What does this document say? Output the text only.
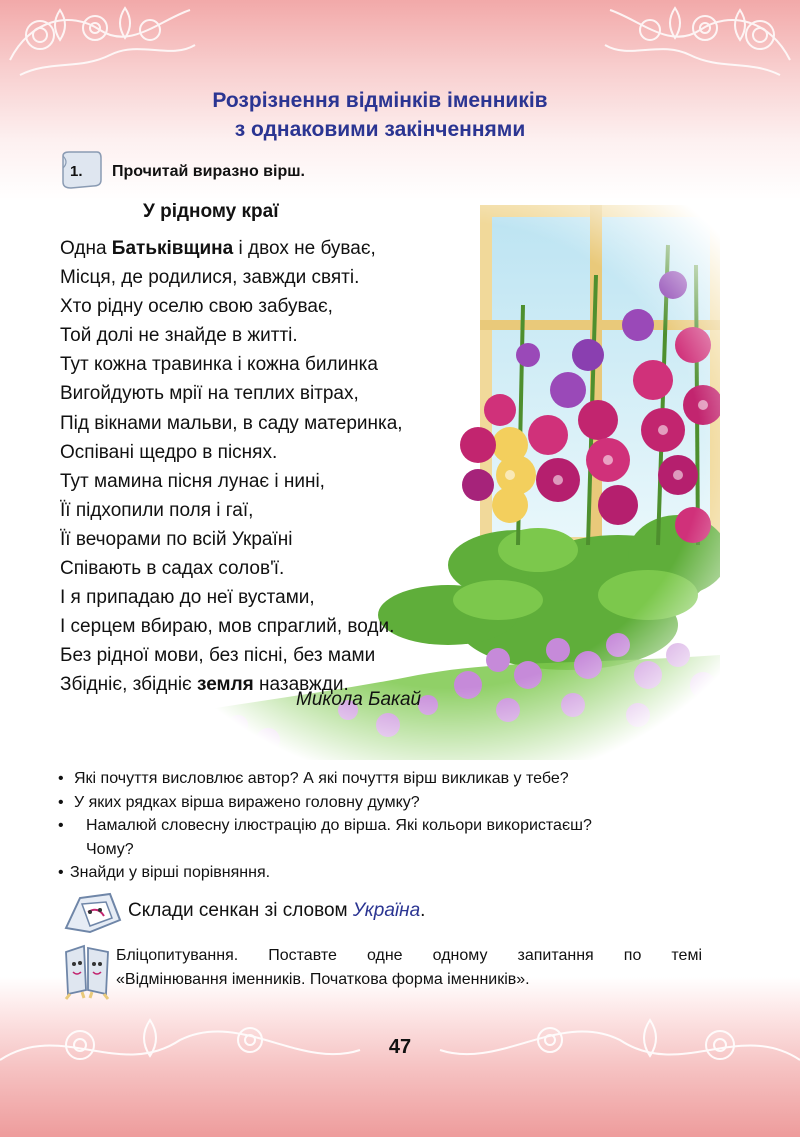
Розрізнення відмінків іменників
з однаковими закінченнями
1. Прочитай виразно вірш.
У рідному краї
Одна Батьківщина і двох не буває,
Місця, де родилися, завжди святі.
Хто рідну оселю свою забуває,
Той долі не знайде в житті.
Тут кожна травинка і кожна билинка
Вигойдують мрії на теплих вітрах,
Під вікнами мальви, в саду материнка,
Оспівані щедро в піснях.
Тут мамина пісня лунає і нині,
Її підхопили поля і гаї,
Її вечорами по всій Україні
Співають в садах солов'ї.
І я припадаю до неї вустами,
І серцем вбираю, мов спраглий, води.
Без рідної мови, без пісні, без мами
Збідніє, збідніє земля назавжди.
Микола Бакай
• Які почуття висловлює автор? А які почуття вірш викликав у тебе?
• У яких рядках вірша виражено головну думку?
• Намалюй словесну ілюстрацію до вірша. Які кольори використаєш?
Чому?
• Знайди у вірші порівняння.
Склади сенкан зі словом Україна.
Бліцопитування. Поставте одне одному запитання по темі
«Відмінювання іменників. Початкова форма іменників».
47
